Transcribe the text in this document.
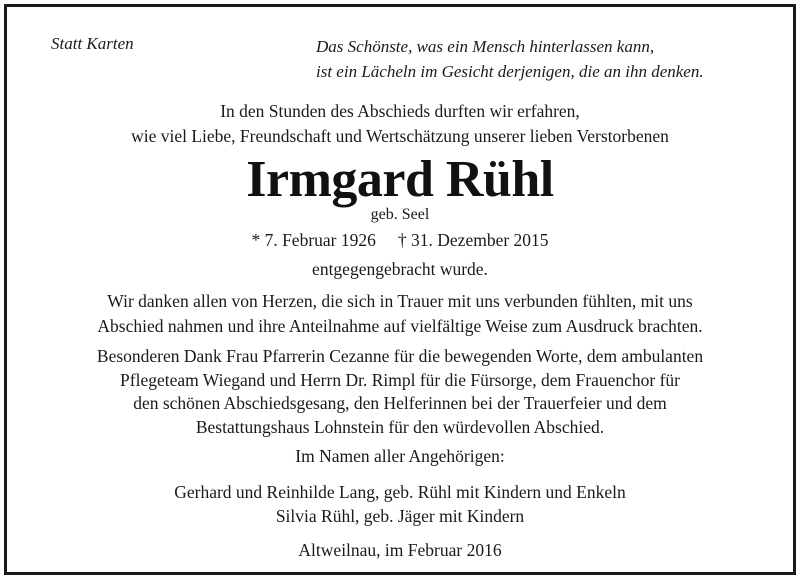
Statt Karten	Das Schönste, was ein Mensch hinterlassen kann,
ist ein Lächeln im Gesicht derjenigen, die an ihn denken.
In den Stunden des Abschieds durften wir erfahren,
wie viel Liebe, Freundschaft und Wertschätzung unserer lieben Verstorbenen
Irmgard Rühl
geb. Seel
* 7. Februar 1926 † 31. Dezember 2015
entgegengebracht wurde.
Wir danken allen von Herzen, die sich in Trauer mit uns verbunden fühlten, mit uns
Abschied nahmen und ihre Anteilnahme auf vielfältige Weise zum Ausdruck brachten.
Besonderen Dank Frau Pfarrerin Cezanne für die bewegenden Worte, dem ambulanten
Pflegeteam Wiegand und Herrn Dr. Rimpl für die Fürsorge, dem Frauenchor für
den schönen Abschiedsgesang, den Helferinnen bei der Trauerfeier und dem
Bestattungshaus Lohnstein für den würdevollen Abschied.
Im Namen aller Angehörigen:
Gerhard und Reinhilde Lang, geb. Rühl mit Kindern und Enkeln
Silvia Rühl, geb. Jäger mit Kindern
Altweilnau, im Februar 2016
